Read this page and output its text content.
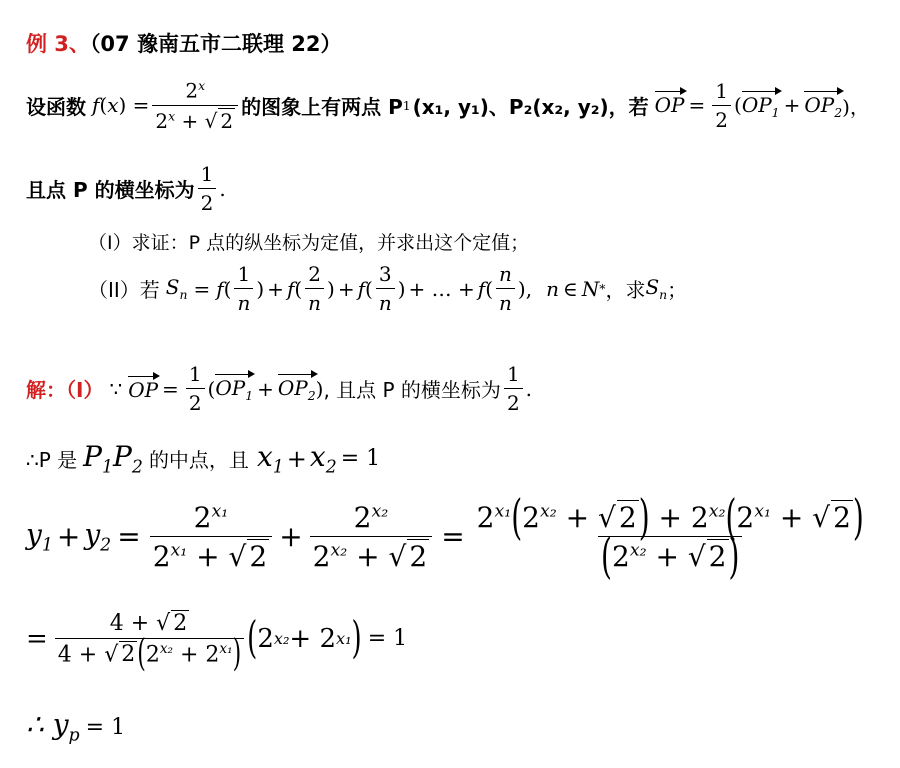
例 3、（07 豫南五市二联理 22）
设函数 f ( x ) = $\frac{2^x}{2^x + √ 2}$ 的图象上有两点 P 1 (x₁, y₁)、P₂(x₂, y₂)，若 OP = $\frac{1}{2}$ ( $OP_1 + OP_2$ )，
且点 P 的横坐标为 $\frac{1}{2}$ .
（I）求证：P 点的纵坐标为定值，并求出这个定值；
（II）若 $S_n = f$ ( $\frac{1}{n}$ ) + f ( $\frac{2}{n}$ ) + f ( $\frac{3}{n}$ ) + … + f ( $\frac{n}{n}$ ), n ∈ N * ，求 $S_n$ ；
解：（I） ∵ OP = $\frac{1}{2}$ ( $OP_1 + OP_2$ ) , 且点 P 的横坐标为 $\frac{1}{2}$ .
∴P 是 $P_1P_2$ 的中点，且 $x_1 + x_2 = 1$
$y_1 + y_2 = \frac{2^{x_1}}{2^{x_1} + √ 2} + \frac{2^{x_2}}{2^{x_2} + √ 2} = \frac{2^{x_1}(2^{x_2} + √ 2) + 2^{x_2}(2^{x_1} + √ 2)}{(2^{x_2} + √ 2)}$
= $\frac{4 + √ 2}{4 + √ 2(2^{x_2} + 2^{x_1})}$ ( 2 x₂ + 2 x₁ ) = 1
∴ $y_p = 1$
